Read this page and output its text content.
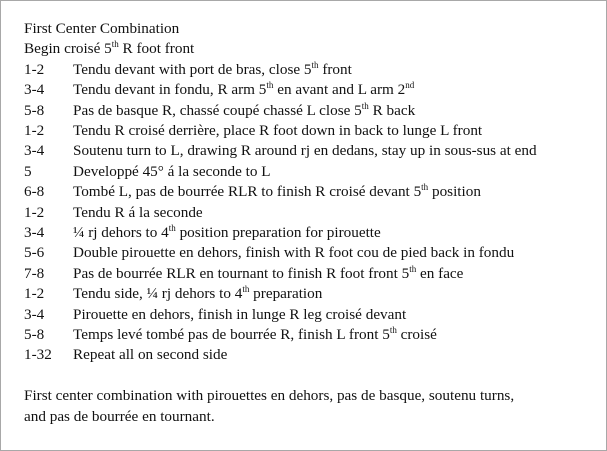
First Center Combination
Begin croisé 5th R foot front
1-2 Tendu devant with port de bras, close 5th front
3-4 Tendu devant in fondu, R arm 5th en avant and L arm 2nd
5-8 Pas de basque R, chassé coupé chassé L close 5th R back
1-2 Tendu R croisé derrière, place R foot down in back to lunge L front
3-4 Soutenu turn to L, drawing R around rj en dedans, stay up in sous-sus at end
5	Developpé 45° á la seconde to L
6-8 Tombé L, pas de bourrée RLR to finish R croisé devant 5th position
1-2 Tendu R á la seconde
3-4 ¼ rj dehors to 4th position preparation for pirouette
5-6 Double pirouette en dehors, finish with R foot cou de pied back in fondu
7-8 Pas de bourrée RLR en tournant to finish R foot front 5th en face
1-2 Tendu side, ¼ rj dehors to 4th preparation
3-4 Pirouette en dehors, finish in lunge R leg croisé devant
5-8 Temps levé tombé pas de bourrée R, finish L front 5th croisé
1-32 Repeat all on second side
First center combination with pirouettes en dehors, pas de basque, soutenu turns,
and pas de bourrée en tournant.
